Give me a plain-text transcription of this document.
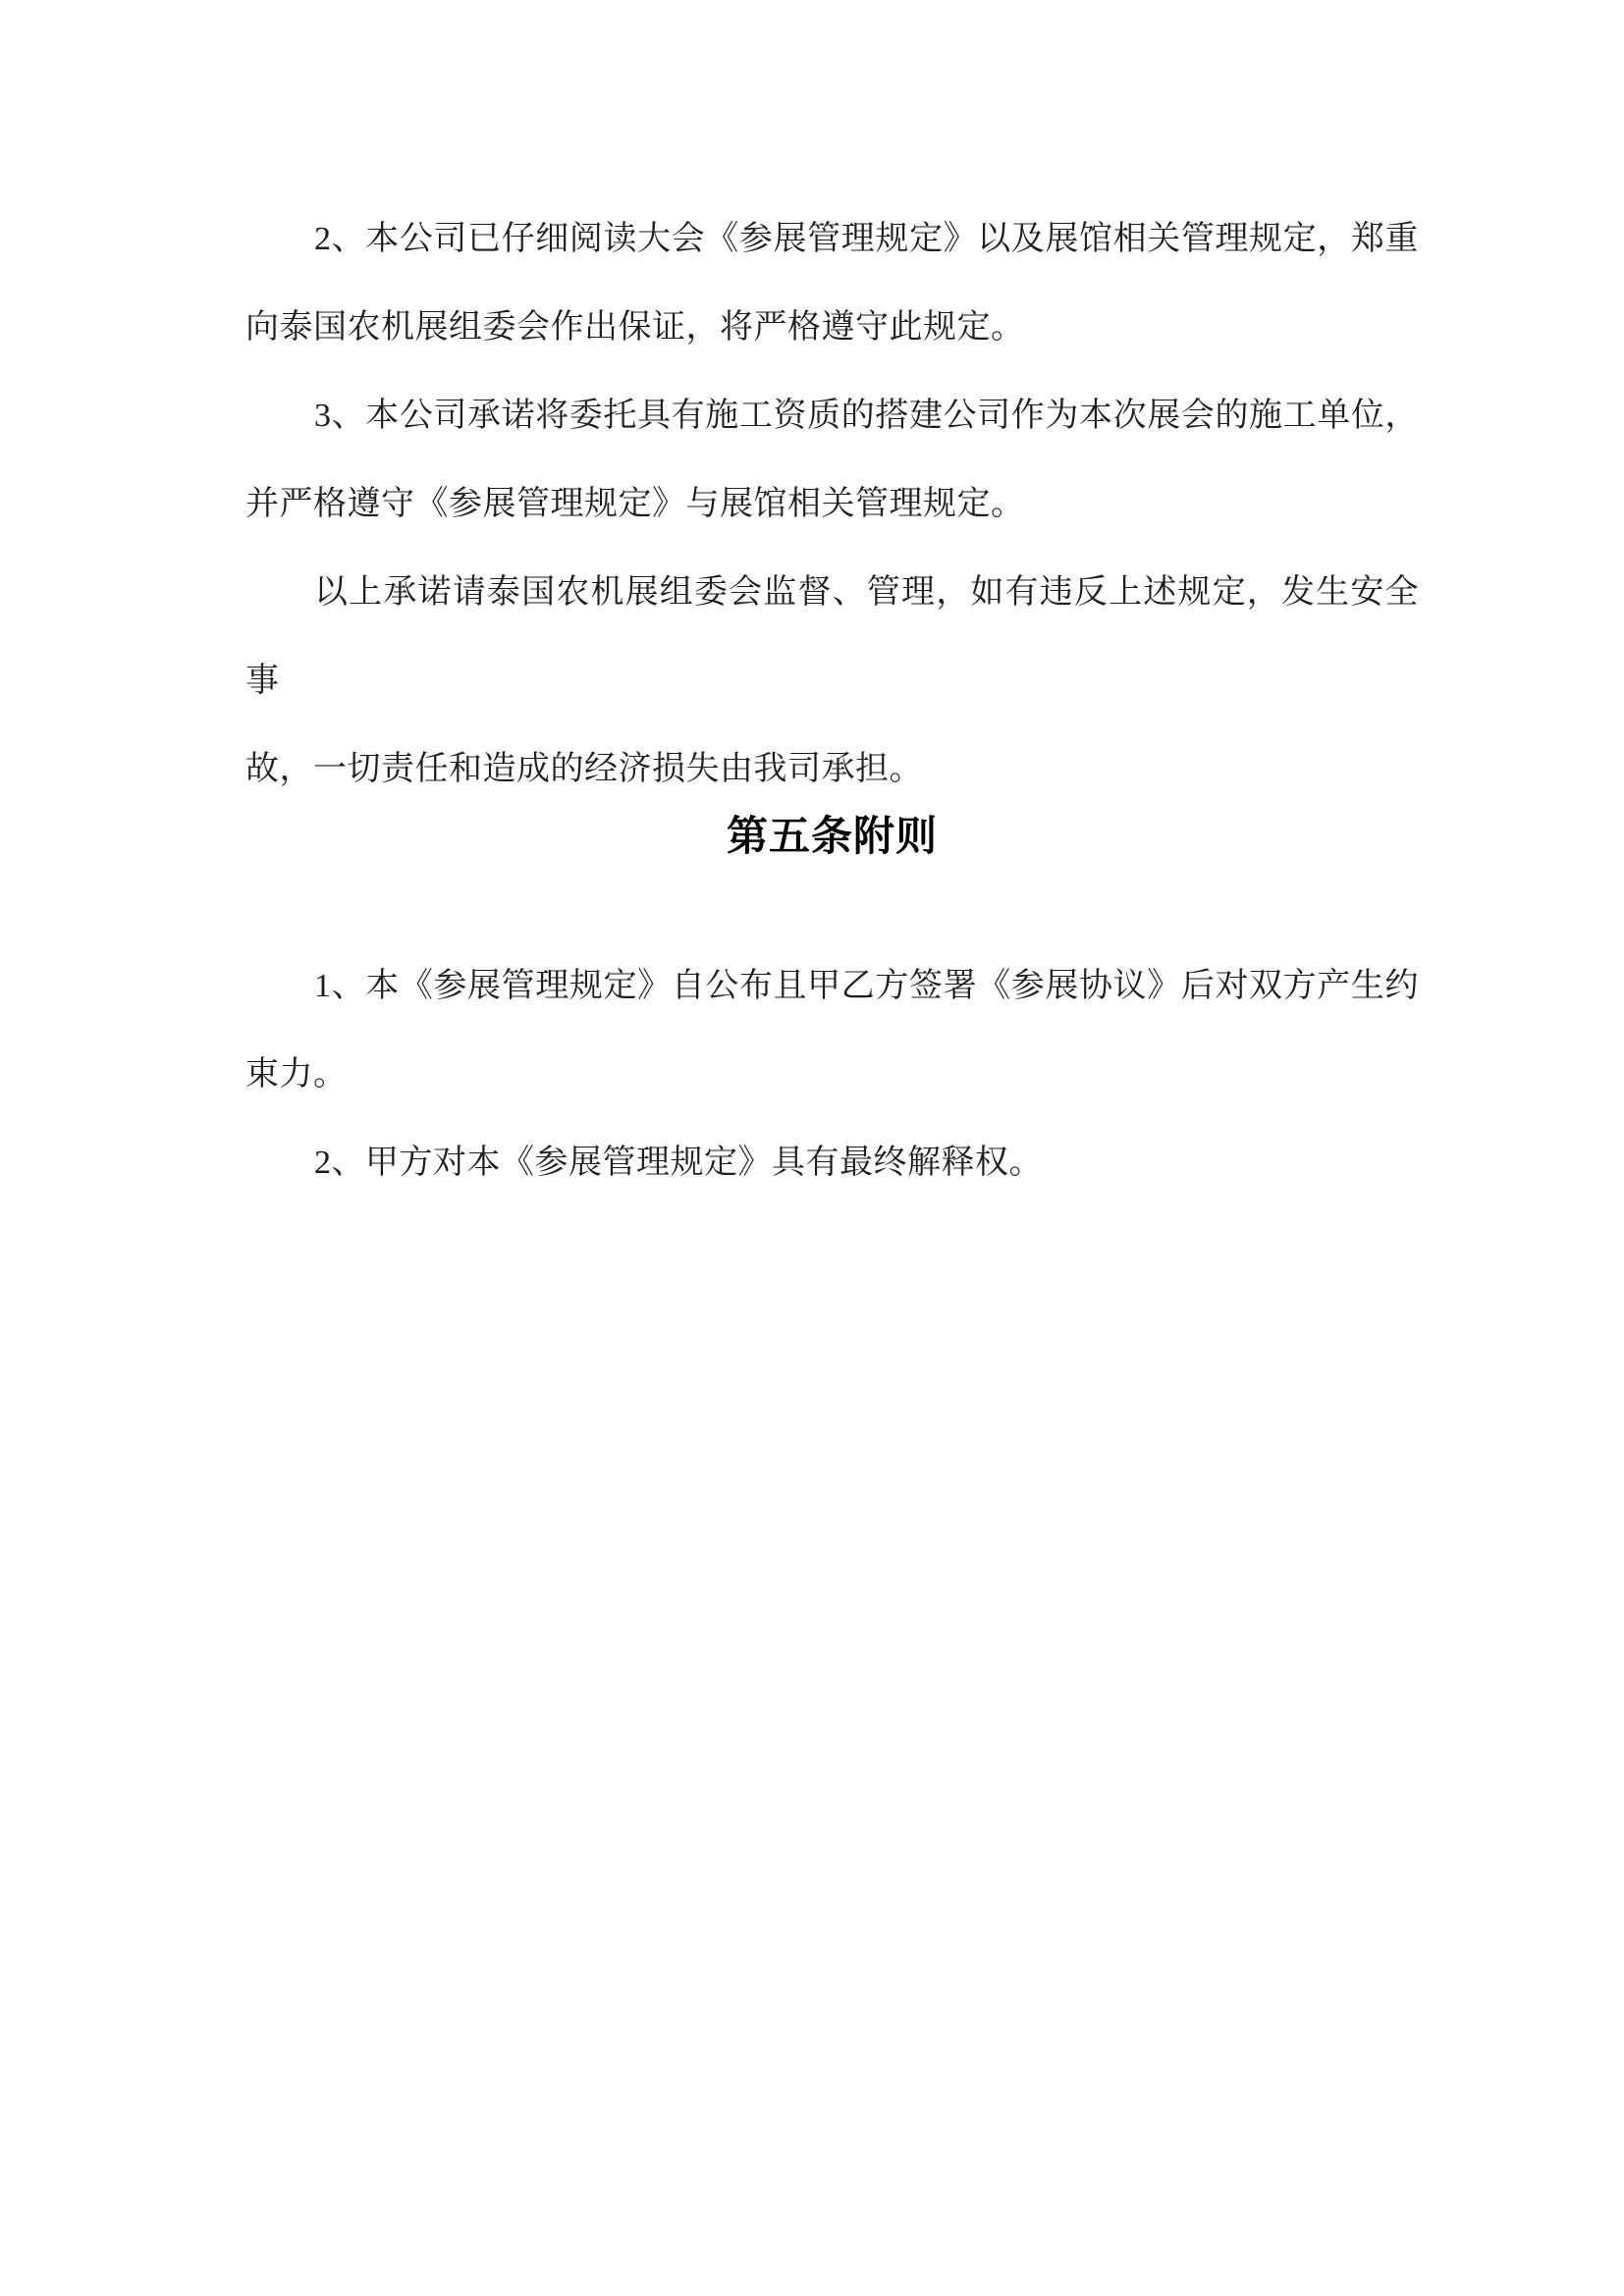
2、本公司已仔细阅读大会《参展管理规定》以及展馆相关管理规定，郑重
向泰国农机展组委会作出保证，将严格遵守此规定。
3、本公司承诺将委托具有施工资质的搭建公司作为本次展会的施工单位，
并严格遵守《参展管理规定》与展馆相关管理规定。
以上承诺请泰国农机展组委会监督、管理，如有违反上述规定，发生安全事
故，一切责任和造成的经济损失由我司承担。
第五条附则
1、本《参展管理规定》自公布且甲乙方签署《参展协议》后对双方产生约
束力。
2、甲方对本《参展管理规定》具有最终解释权。
